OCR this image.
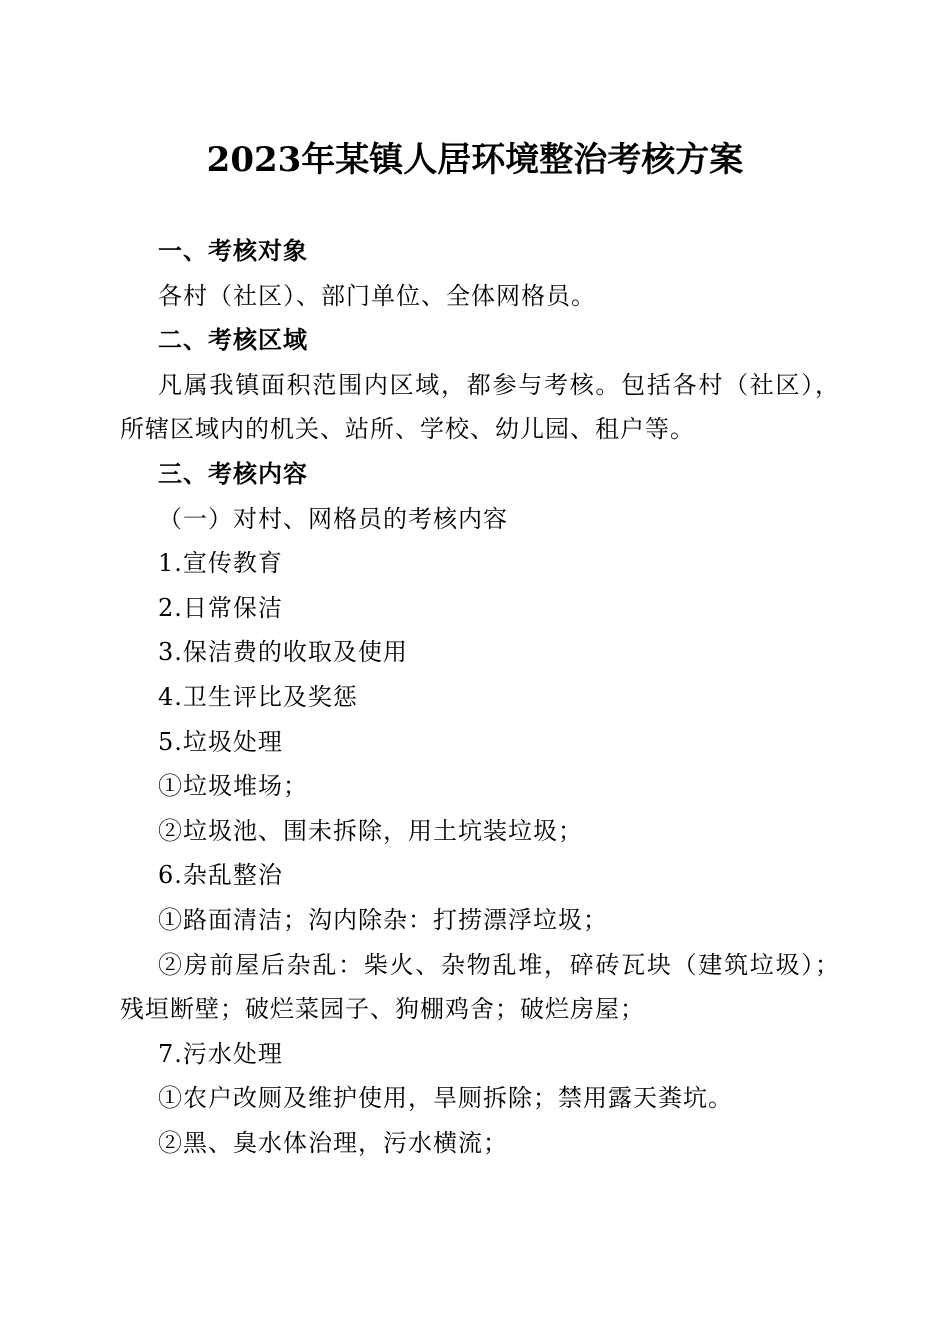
2023年某镇人居环境整治考核方案
一、考核对象
各村（社区）、部门单位、全体网格员。
二、考核区域
凡属我镇面积范围内区域，都参与考核。包括各村（社区），所辖区域内的机关、站所、学校、幼儿园、租户等。
三、考核内容
（一）对村、网格员的考核内容
1.宣传教育
2.日常保洁
3.保洁费的收取及使用
4.卫生评比及奖惩
5.垃圾处理
①垃圾堆场；
②垃圾池、围未拆除，用土坑装垃圾；
6.杂乱整治
①路面清洁；沟内除杂：打捞漂浮垃圾；
②房前屋后杂乱：柴火、杂物乱堆，碎砖瓦块（建筑垃圾）；残垣断壁；破烂菜园子、狗棚鸡舍；破烂房屋；
7.污水处理
①农户改厕及维护使用，旱厕拆除；禁用露天粪坑。
②黑、臭水体治理，污水横流；
